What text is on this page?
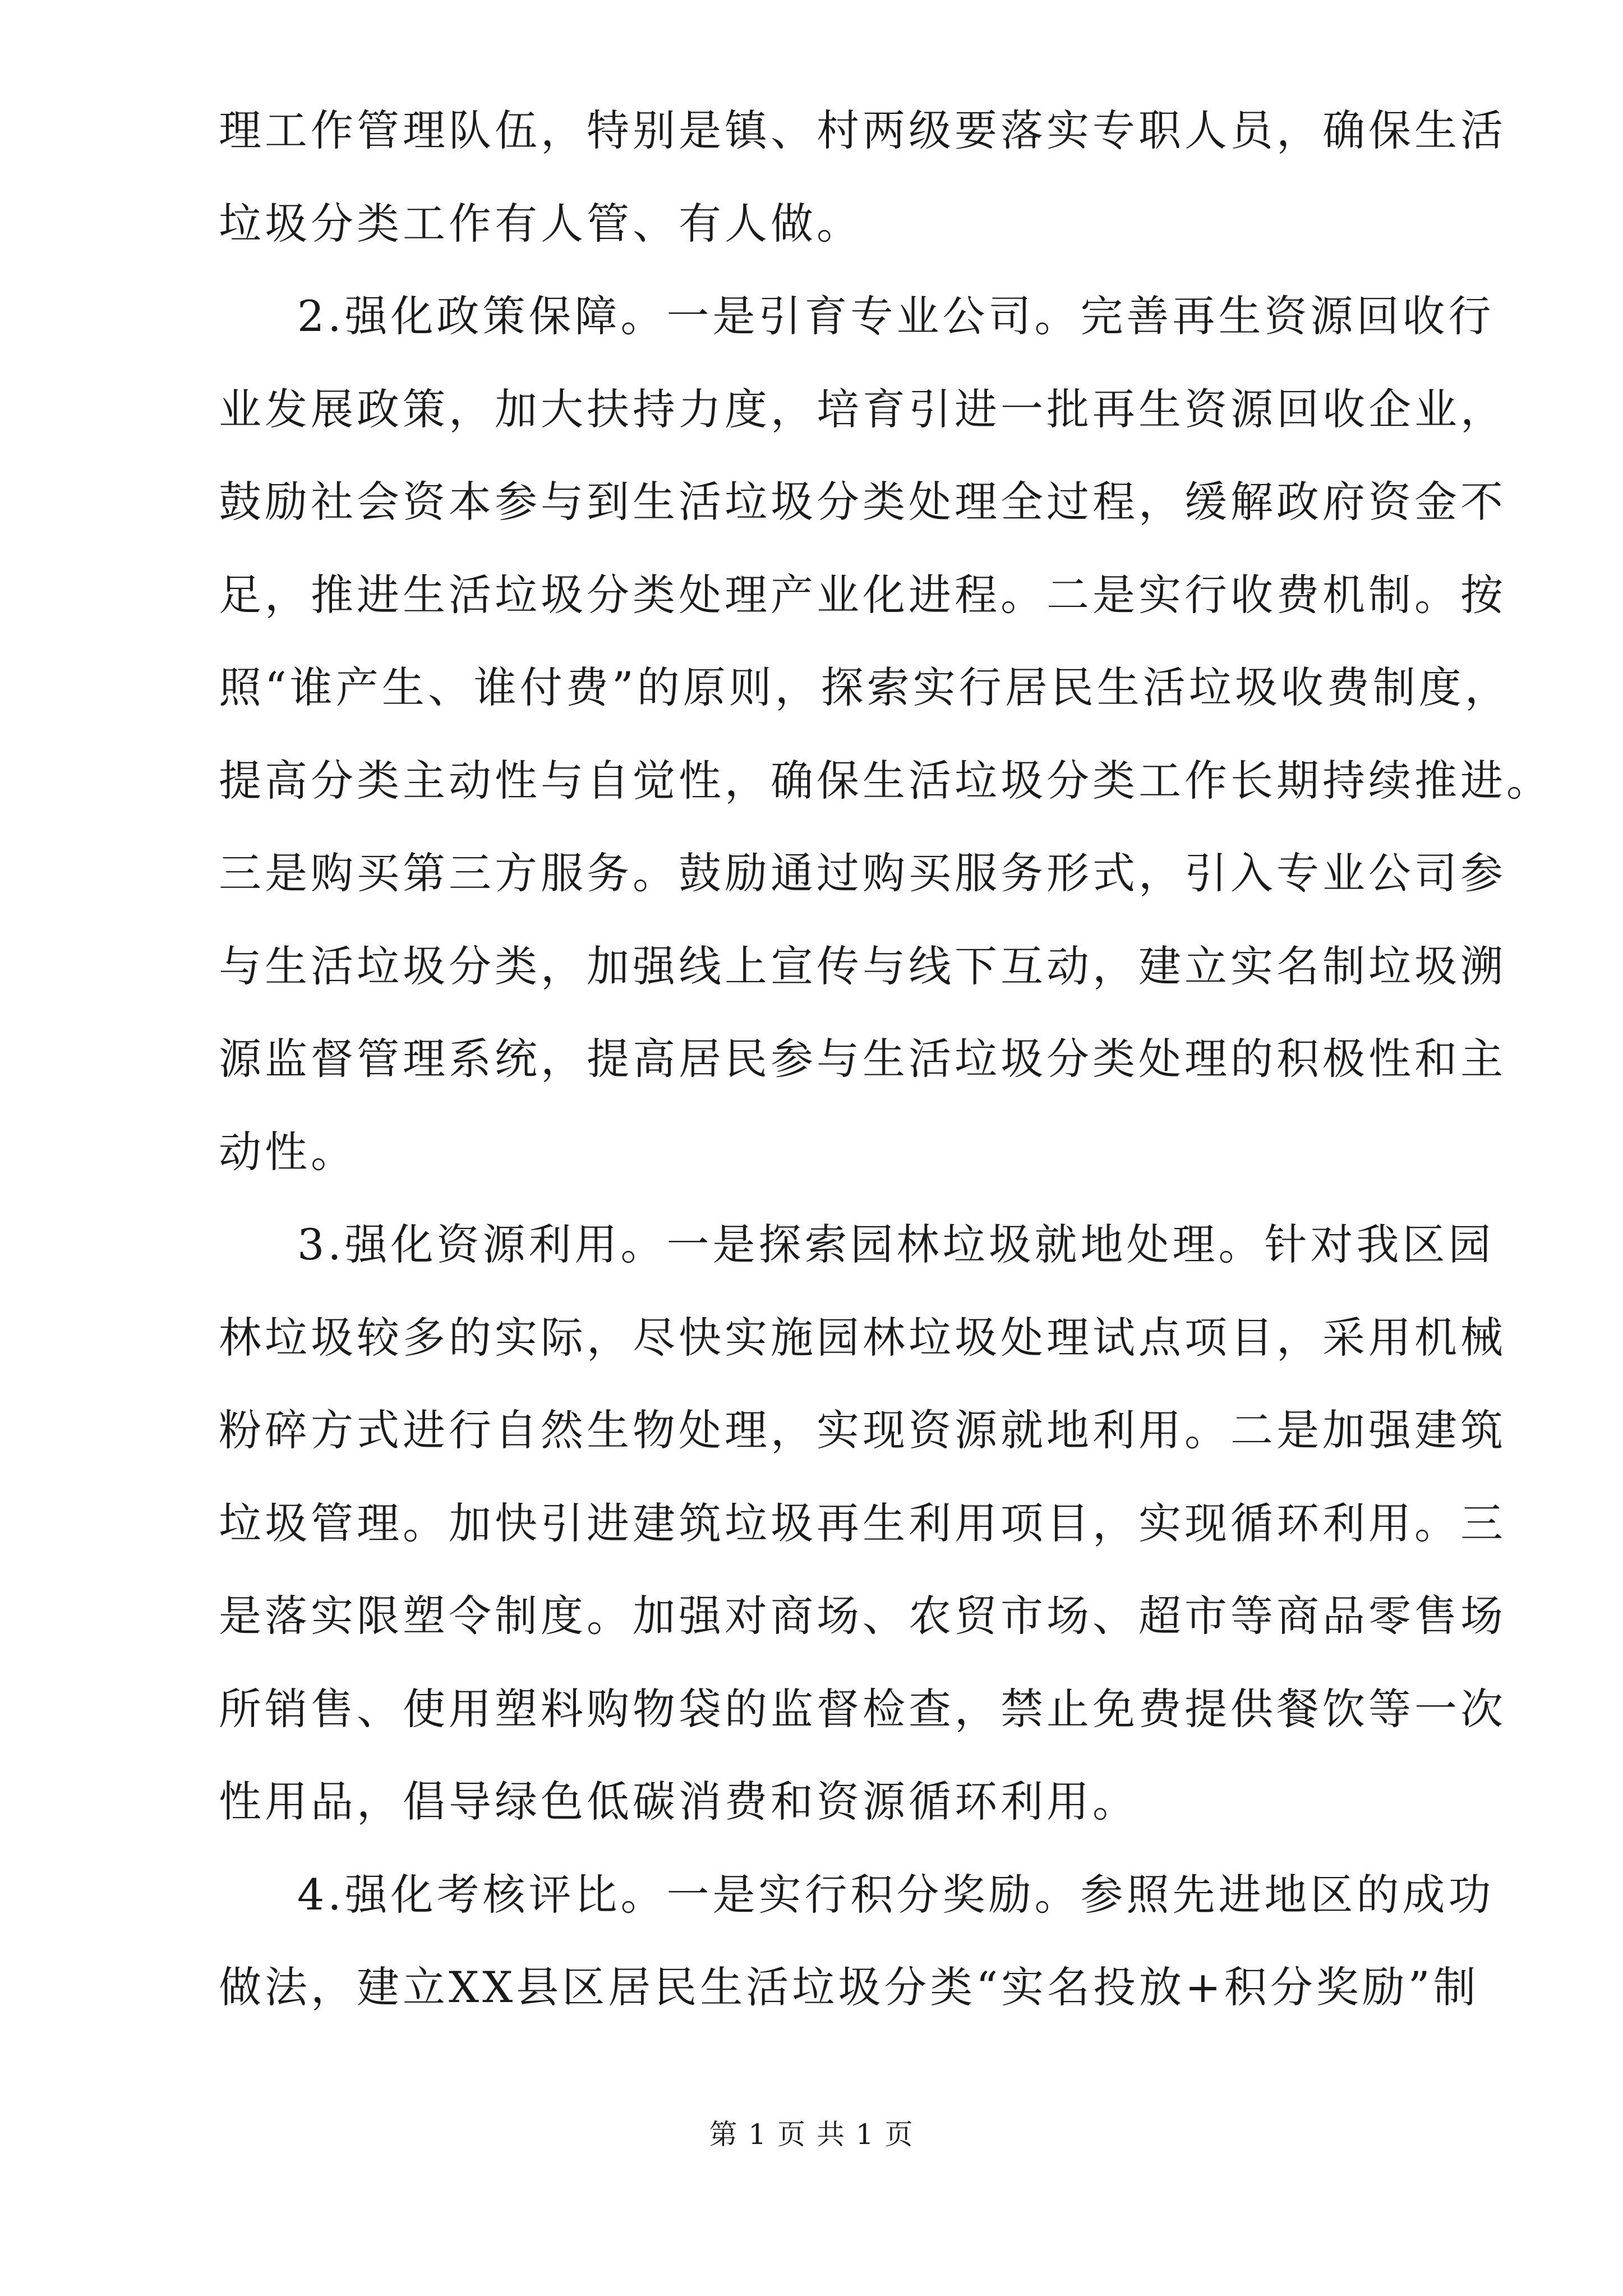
理工作管理队伍，特别是镇、村两级要落实专职人员，确保生活
垃圾分类工作有人管、有人做。
2.强化政策保障。一是引育专业公司。完善再生资源回收行
业发展政策，加大扶持力度，培育引进一批再生资源回收企业，
鼓励社会资本参与到生活垃圾分类处理全过程，缓解政府资金不
足，推进生活垃圾分类处理产业化进程。二是实行收费机制。按
照“谁产生、谁付费”的原则，探索实行居民生活垃圾收费制度，
提高分类主动性与自觉性，确保生活垃圾分类工作长期持续推进。
三是购买第三方服务。鼓励通过购买服务形式，引入专业公司参
与生活垃圾分类，加强线上宣传与线下互动，建立实名制垃圾溯
源监督管理系统，提高居民参与生活垃圾分类处理的积极性和主
动性。
3.强化资源利用。一是探索园林垃圾就地处理。针对我区园
林垃圾较多的实际，尽快实施园林垃圾处理试点项目，采用机械
粉碎方式进行自然生物处理，实现资源就地利用。二是加强建筑
垃圾管理。加快引进建筑垃圾再生利用项目，实现循环利用。三
是落实限塑令制度。加强对商场、农贸市场、超市等商品零售场
所销售、使用塑料购物袋的监督检查，禁止免费提供餐饮等一次
性用品，倡导绿色低碳消费和资源循环利用。
4.强化考核评比。一是实行积分奖励。参照先进地区的成功
做法，建立XX县区居民生活垃圾分类“实名投放+积分奖励”制
第 1 页 共 1 页
